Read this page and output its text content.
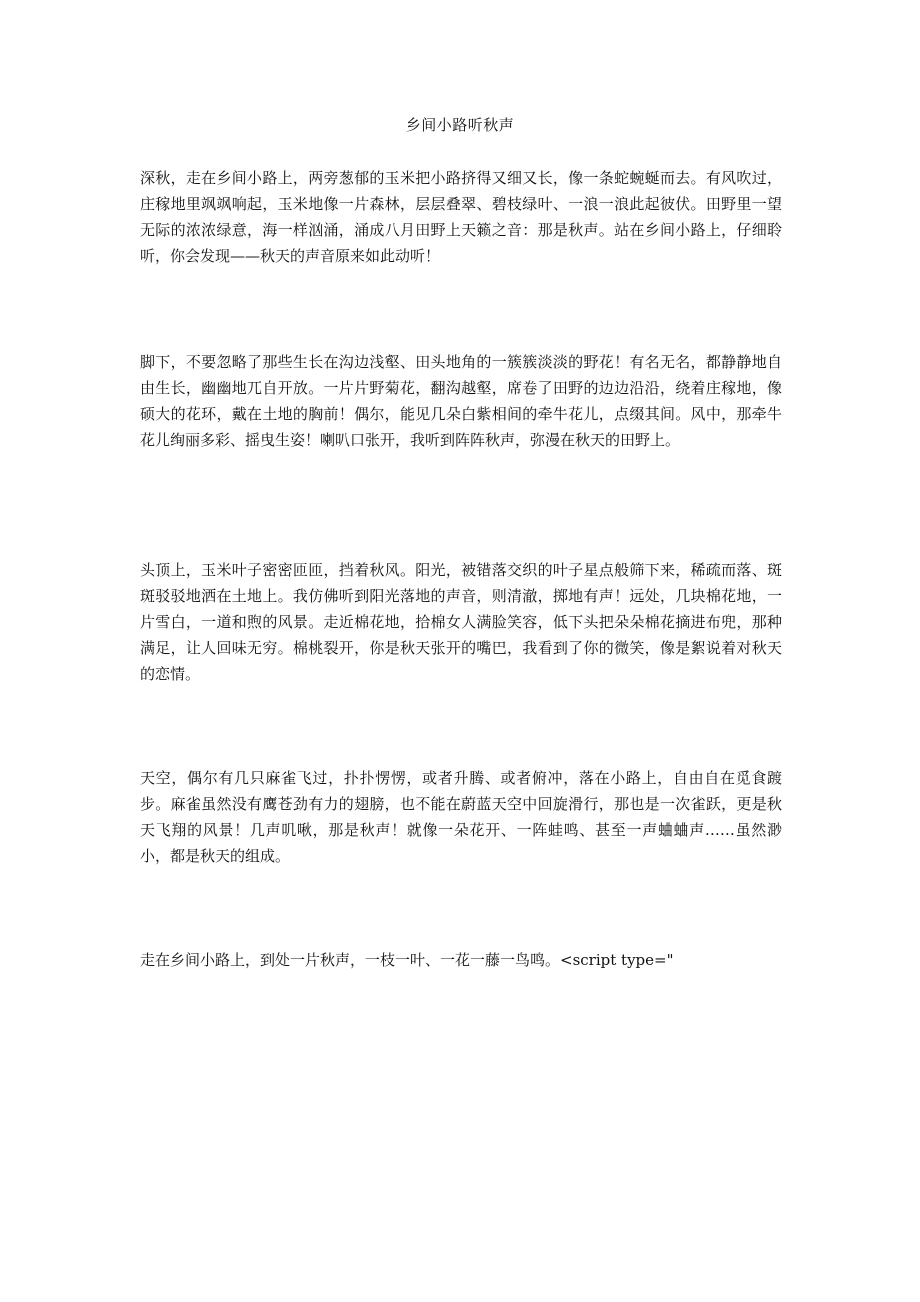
乡间小路听秋声

深秋，走在乡间小路上，两旁葱郁的玉米把小路挤得又细又长，像一条蛇蜿蜒而去。有风吹过，庄稼地里飒飒响起，玉米地像一片森林，层层叠翠、碧枝绿叶、一浪一浪此起彼伏。田野里一望无际的浓浓绿意，海一样汹涌，涌成八月田野上天籁之音：那是秋声。站在乡间小路上，仔细聆听，你会发现——秋天的声音原来如此动听！

脚下，不要忽略了那些生长在沟边浅壑、田头地角的一簇簇淡淡的野花！有名无名，都静静地自由生长，幽幽地兀自开放。一片片野菊花，翻沟越壑，席卷了田野的边边沿沿，绕着庄稼地，像硕大的花环，戴在土地的胸前！偶尔，能见几朵白紫相间的牵牛花儿，点缀其间。风中，那牵牛花儿绚丽多彩、摇曳生姿！喇叭口张开，我听到阵阵秋声，弥漫在秋天的田野上。

头顶上，玉米叶子密密匝匝，挡着秋风。阳光，被错落交织的叶子星点般筛下来，稀疏而落、斑斑驳驳地洒在土地上。我仿佛听到阳光落地的声音，则清澈，掷地有声！远处，几块棉花地，一片雪白，一道和煦的风景。走近棉花地，拾棉女人满脸笑容，低下头把朵朵棉花摘进布兜，那种满足，让人回味无穷。棉桃裂开，你是秋天张开的嘴巴，我看到了你的微笑，像是絮说着对秋天的恋情。

天空，偶尔有几只麻雀飞过，扑扑愣愣，或者升腾、或者俯冲，落在小路上，自由自在觅食踱步。麻雀虽然没有鹰苍劲有力的翅膀，也不能在蔚蓝天空中回旋滑行，那也是一次雀跃，更是秋天飞翔的风景！几声叽啾，那是秋声！就像一朵花开、一阵蛙鸣、甚至一声蛐蛐声……虽然渺小，都是秋天的组成。

走在乡间小路上，到处一片秋声，一枝一叶、一花一藤一鸟鸣。<script type="
